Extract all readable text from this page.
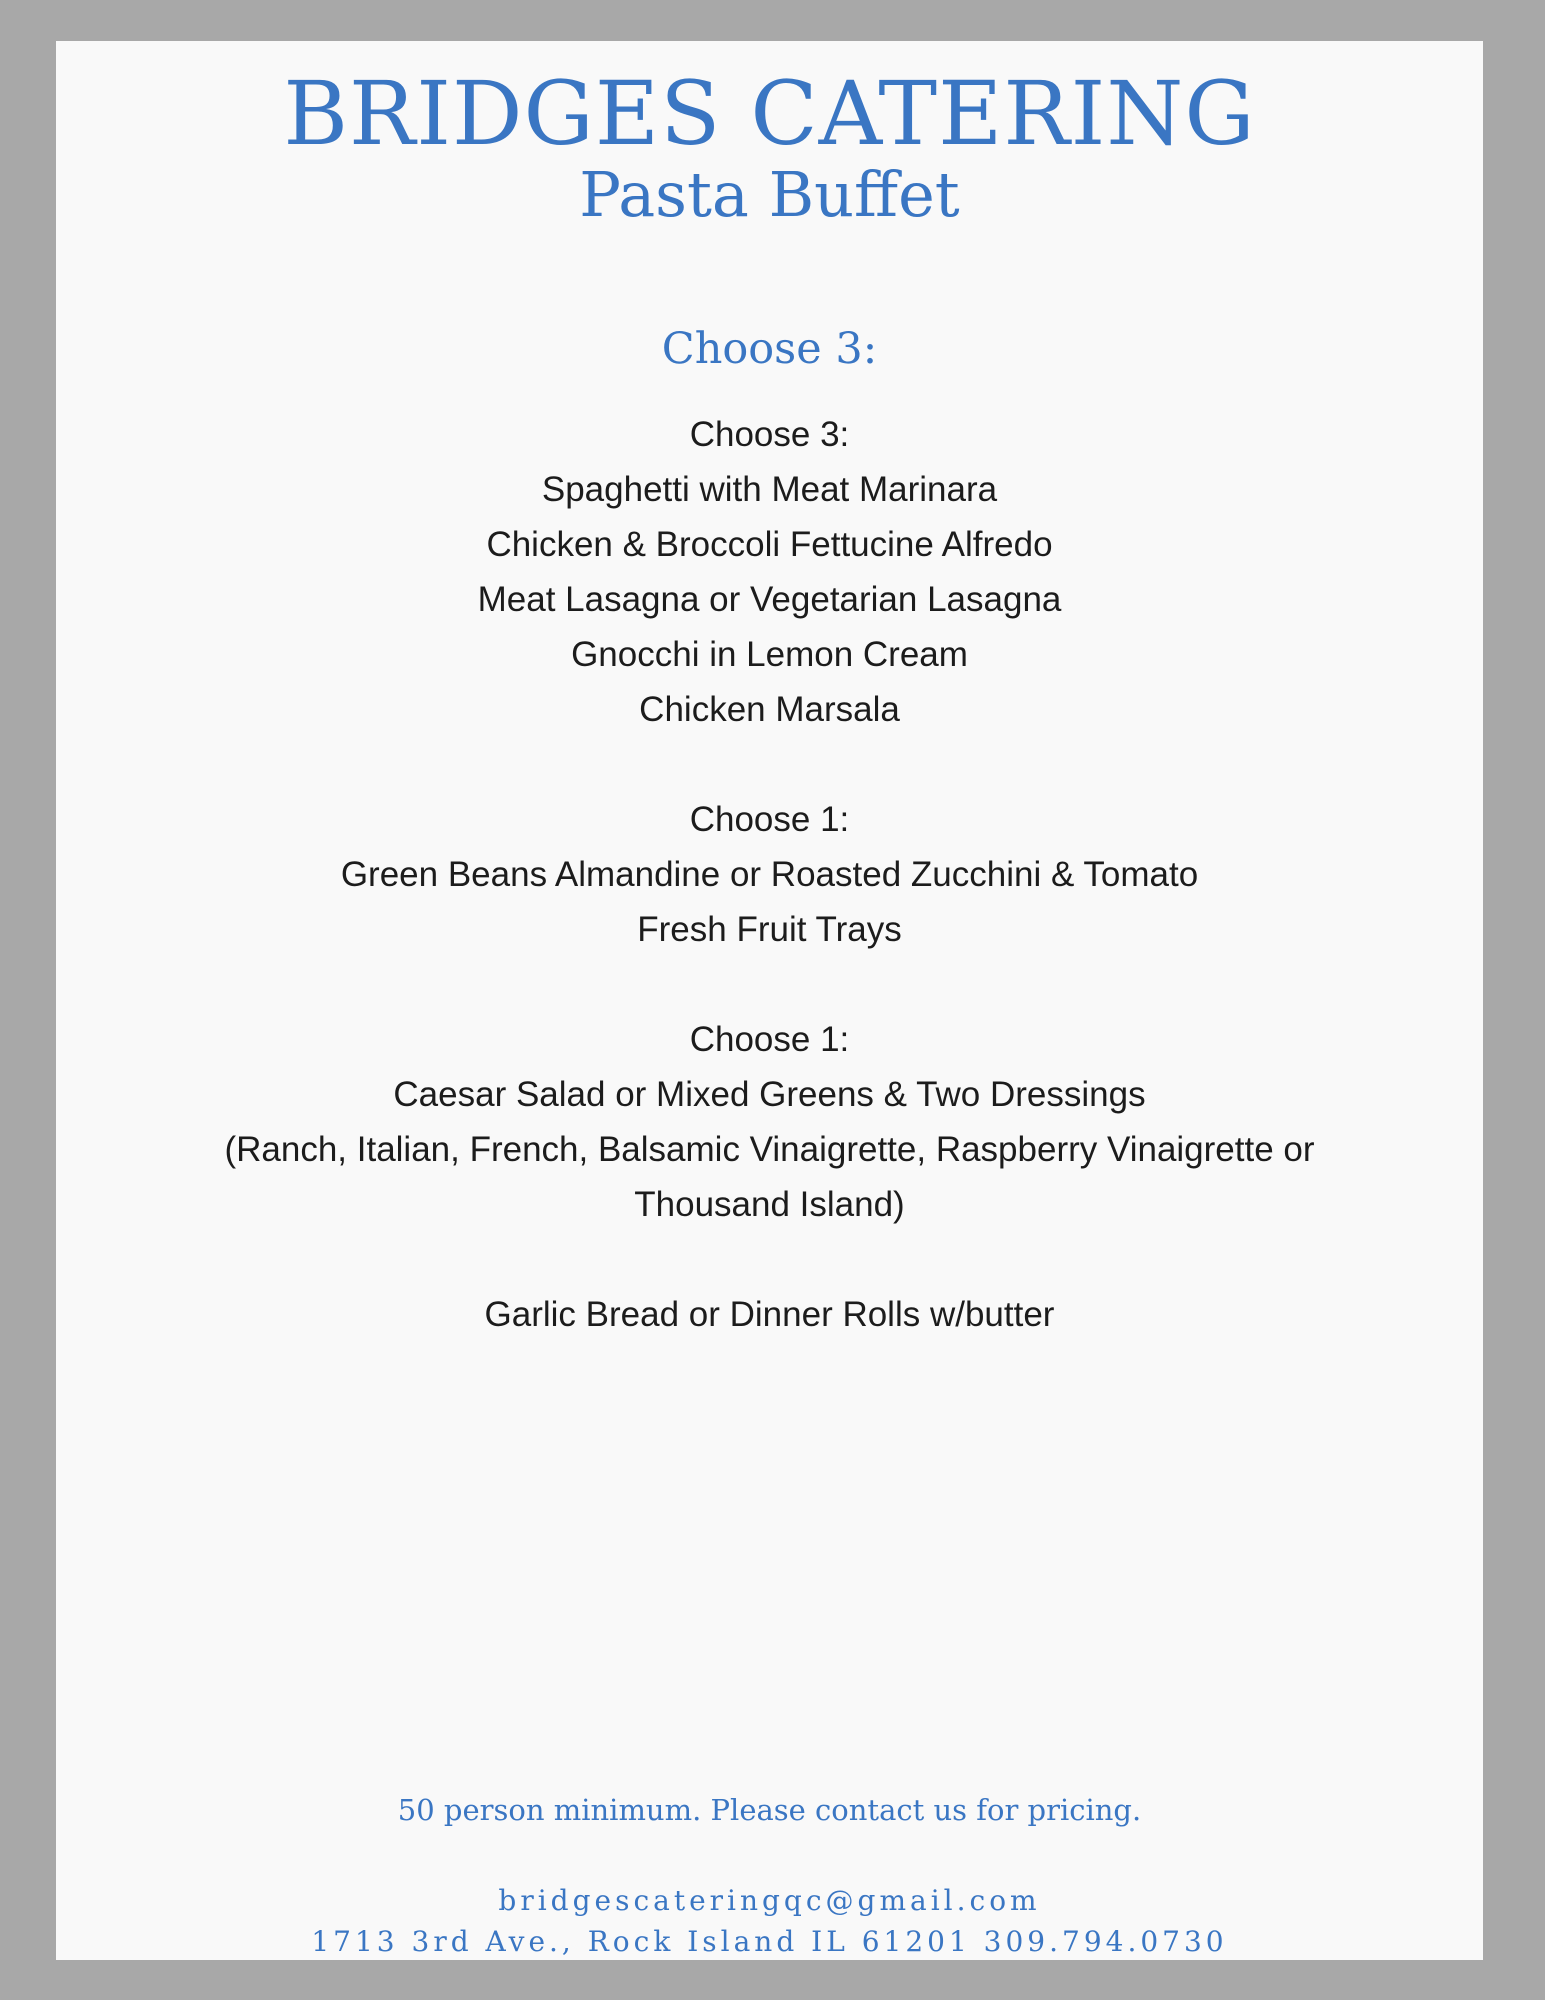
BRIDGES CATERING
Pasta Buffet
Choose 3:
Choose 3:
Spaghetti with Meat Marinara
Chicken & Broccoli Fettucine Alfredo
Meat Lasagna or Vegetarian Lasagna
Gnocchi in Lemon Cream
Chicken Marsala
Choose 1:
Green Beans Almandine or Roasted Zucchini & Tomato
Fresh Fruit Trays
Choose 1:
Caesar Salad or Mixed Greens & Two Dressings
(Ranch, Italian, French, Balsamic Vinaigrette, Raspberry Vinaigrette or
Thousand Island)
Garlic Bread or Dinner Rolls w/butter
50 person minimum. Please contact us for pricing.
bridgescateringqc@gmail.com
1713 3rd Ave., Rock Island IL 61201 309.794.0730
